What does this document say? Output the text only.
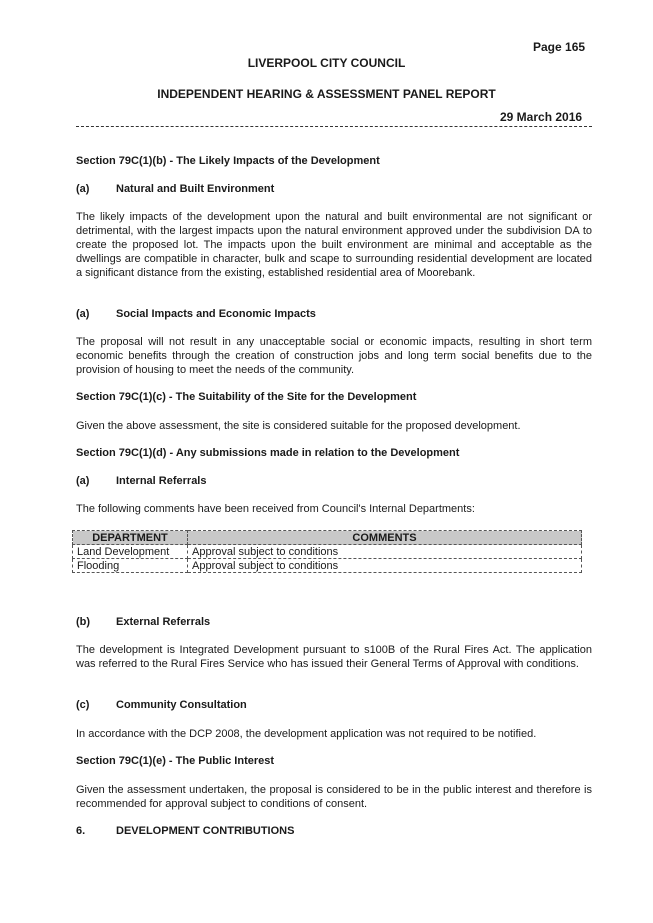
Page 165
LIVERPOOL CITY COUNCIL
INDEPENDENT HEARING & ASSESSMENT PANEL REPORT
29 March 2016
Section 79C(1)(b) - The Likely Impacts of the Development
(a) Natural and Built Environment
The likely impacts of the development upon the natural and built environmental are not significant or detrimental, with the largest impacts upon the natural environment approved under the subdivision DA to create the proposed lot. The impacts upon the built environment are minimal and acceptable as the dwellings are compatible in character, bulk and scape to surrounding residential development are located a significant distance from the existing, established residential area of Moorebank.
(a) Social Impacts and Economic Impacts
The proposal will not result in any unacceptable social or economic impacts, resulting in short term economic benefits through the creation of construction jobs and long term social benefits due to the provision of housing to meet the needs of the community.
Section 79C(1)(c) - The Suitability of the Site for the Development
Given the above assessment, the site is considered suitable for the proposed development.
Section 79C(1)(d) - Any submissions made in relation to the Development
(a) Internal Referrals
The following comments have been received from Council's Internal Departments:
DEPARTMENT	COMMENTS
Land Development	Approval subject to conditions
Flooding	Approval subject to conditions
(b) External Referrals
The development is Integrated Development pursuant to s100B of the Rural Fires Act. The application was referred to the Rural Fires Service who has issued their General Terms of Approval with conditions.
(c) Community Consultation
In accordance with the DCP 2008, the development application was not required to be notified.
Section 79C(1)(e) - The Public Interest
Given the assessment undertaken, the proposal is considered to be in the public interest and therefore is recommended for approval subject to conditions of consent.
6.	DEVELOPMENT CONTRIBUTIONS
